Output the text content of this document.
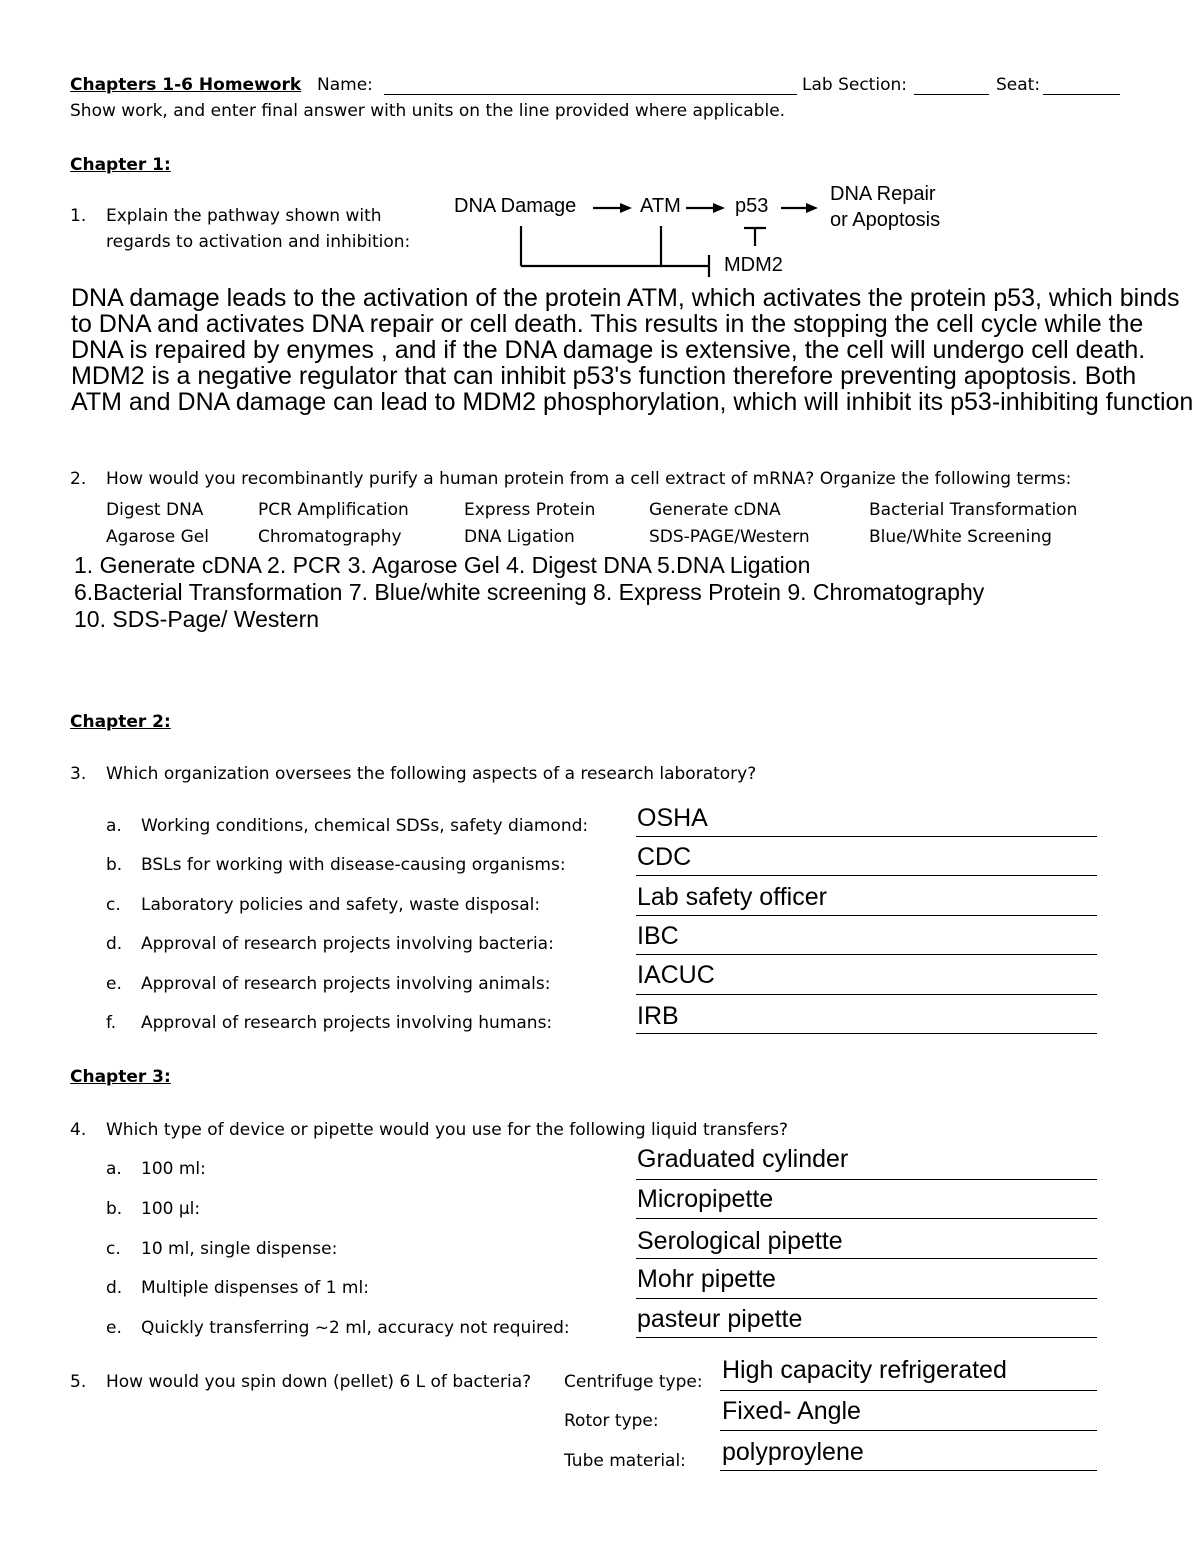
Chapters 1-6 Homework Name:	Lab Section:	Seat:
Show work, and enter final answer with units on the line provided where applicable.
Chapter 1:
1. Explain the pathway shown with
regards to activation and inhibition:
DNA Damage	ATM	p53
DNA Repair
or Apoptosis
MDM2
DNA damage leads to the activation of the protein ATM, which activates the protein p53, which binds
to DNA and activates DNA repair or cell death. This results in the stopping the cell cycle while the
DNA is repaired by enymes , and if the DNA damage is extensive, the cell will undergo cell death.
MDM2 is a negative regulator that can inhibit p53's function therefore preventing apoptosis. Both
ATM and DNA damage can lead to MDM2 phosphorylation, which will inhibit its p53-inhibiting function
2. How would you recombinantly purify a human protein from a cell extract of mRNA? Organize the following terms:
Digest DNA	PCR Amplification	Express Protein	Generate cDNA	Bacterial Transformation
Agarose Gel	Chromatography	DNA Ligation	SDS-PAGE/Western	Blue/White Screening
1. Generate cDNA 2. PCR 3. Agarose Gel 4. Digest DNA 5.DNA Ligation
6.Bacterial Transformation 7. Blue/white screening 8. Express Protein 9. Chromatography
10. SDS-Page/ Western
Chapter 2:
3. Which organization oversees the following aspects of a research laboratory?
a. Working conditions, chemical SDSs, safety diamond: OSHA
b. BSLs for working with disease-causing organisms:	CDC
c. Laboratory policies and safety, waste disposal:	Lab safety officer
d. Approval of research projects involving bacteria:	IBC
e. Approval of research projects involving animals:	IACUC
f. Approval of research projects involving humans:	IRB
Chapter 3:
4. Which type of device or pipette would you use for the following liquid transfers?
a. 100 ml:	Graduated cylinder
b. 100 µl:	Micropipette
c. 10 ml, single dispense:	Serological pipette
d. Multiple dispenses of 1 ml:	Mohr pipette
e. Quickly transferring ~2 ml, accuracy not required:	pasteur pipette
5. How would you spin down (pellet) 6 L of bacteria? Centrifuge type: High capacity refrigerated
Rotor type:	Fixed- Angle
Tube material: polyproylene
